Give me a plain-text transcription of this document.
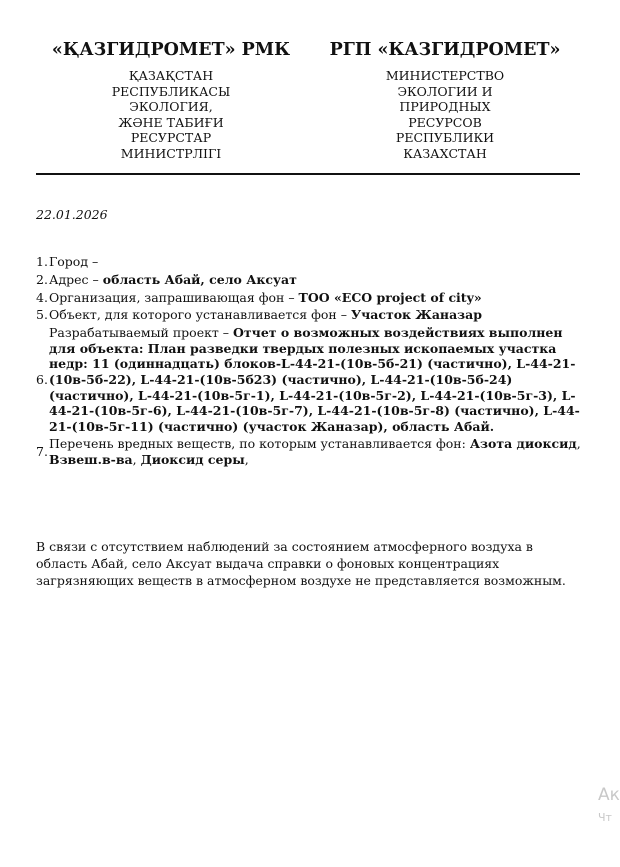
«ҚАЗГИДРОМЕТ» РМК
ҚАЗАҚСТАН
РЕСПУБЛИКАСЫ
ЭКОЛОГИЯ,
ЖӘНЕ ТАБИҒИ
РЕСУРСТАР
МИНИСТРЛІГІ
РГП «КАЗГИДРОМЕТ»
МИНИСТЕРСТВО
ЭКОЛОГИИ И
ПРИРОДНЫХ
РЕСУРСОВ
РЕСПУБЛИКИ
КАЗАХСТАН
22.01.2026
1. Город –
2. Адрес – область Абай, село Аксуат
4. Организация, запрашивающая фон – ТОО «ECO project of city»
5. Объект, для которого устанавливается фон – Участок Жаназар
6.
Разрабатываемый проект – Отчет о возможных воздействиях выполнен для объекта: План разведки твердых полезных ископаемых участка недр: 11 (одиннадцать) блоков-L-44-21-(10в-5б-21) (частично), L-44-21-(10в-5б-22), L-44-21-(10в-5б23) (частично), L-44-21-(10в-5б-24) (частично), L-44-21-(10в-5г-1), L-44-21-(10в-5г-2), L-44-21-(10в-5г-3), L-44-21-(10в-5г-6), L-44-21-(10в-5г-7), L-44-21-(10в-5г-8) (частично), L-44-21-(10в-5г-11) (частично) (участок Жаназар), область Абай.
7.
Перечень вредных веществ, по которым устанавливается фон: Азота диоксид, Взвеш.в-ва, Диоксид серы,
В связи с отсутствием наблюдений за состоянием атмосферного воздуха в область Абай, село Аксуат выдача справки о фоновых концентрациях загрязняющих веществ в атмосферном воздухе не представляется возможным.
Ак
Чт
